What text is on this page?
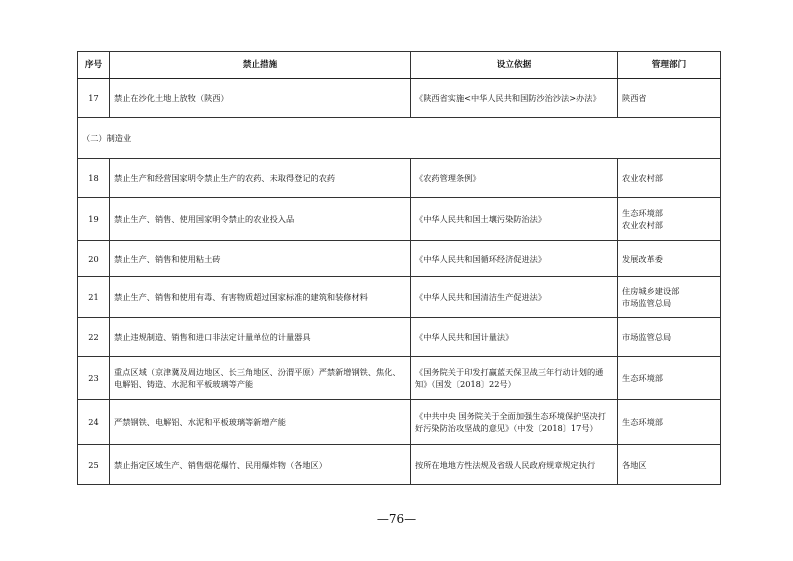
序号	禁止措施	设立依据	管理部门
17	禁止在沙化土地上放牧（陕西）	《陕西省实施<中华人民共和国防沙治沙法>办法》	陕西省
（二）制造业			
18	禁止生产和经营国家明令禁止生产的农药、未取得登记的农药	《农药管理条例》	农业农村部
19	禁止生产、销售、使用国家明令禁止的农业投入品	《中华人民共和国土壤污染防治法》	生态环境部
农业农村部
20	禁止生产、销售和使用粘土砖	《中华人民共和国循环经济促进法》	发展改革委
21	禁止生产、销售和使用有毒、有害物质超过国家标准的建筑和装修材料	《中华人民共和国清洁生产促进法》	住房城乡建设部
市场监管总局
22	禁止违规制造、销售和进口非法定计量单位的计量器具	《中华人民共和国计量法》	市场监管总局
23	重点区域（京津冀及周边地区、长三角地区、汾渭平原）严禁新增钢铁、焦化、电解铝、铸造、水泥和平板玻璃等产能	《国务院关于印发打赢蓝天保卫战三年行动计划的通知》（国发〔2018〕22号）	生态环境部
24	严禁钢铁、电解铝、水泥和平板玻璃等新增产能	《中共中央 国务院关于全面加强生态环境保护坚决打好污染防治攻坚战的意见》（中发〔2018〕17号）	生态环境部
25	禁止指定区域生产、销售烟花爆竹、民用爆炸物（各地区）	按所在地地方性法规及省级人民政府规章规定执行	各地区
—76—
